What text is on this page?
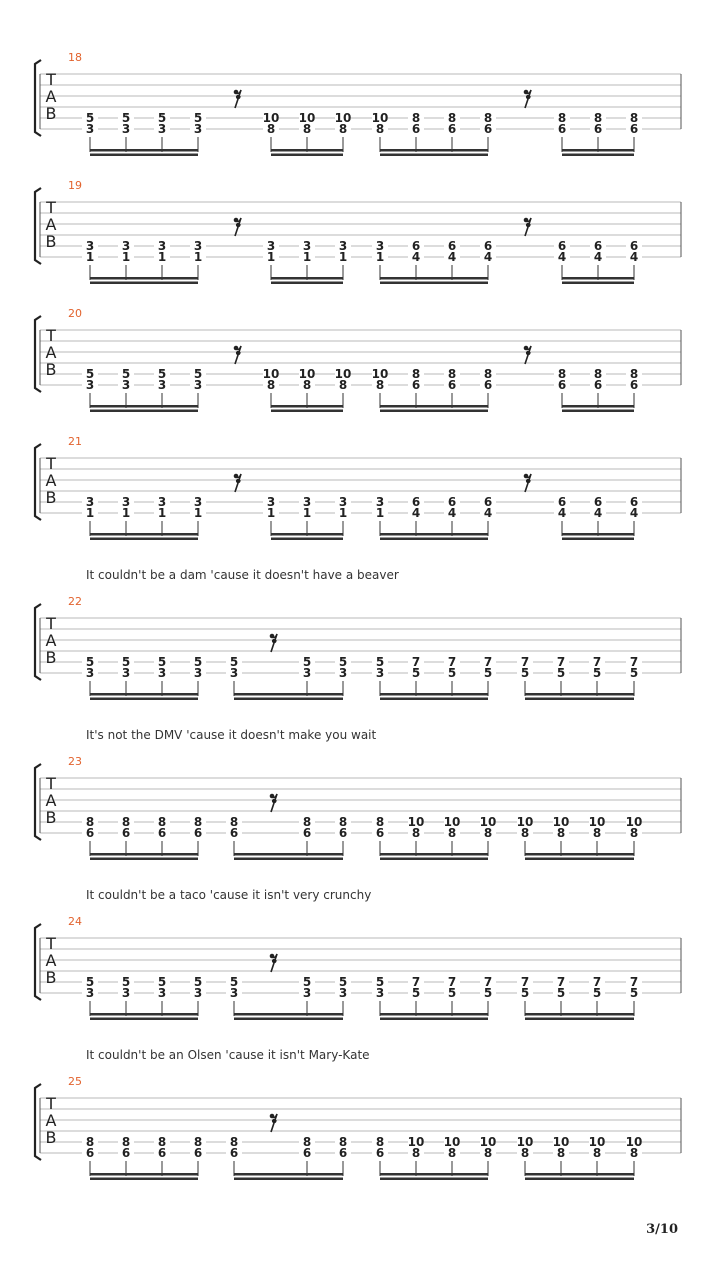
18
T
A
B 5
3
5
3
5
3
5
3
10
8
10
8
10
8
10
8
8
6
8
6
8
6
8
6
8
6
8
6
19
T
A
B 3
1
3
1
3
1
3
1
3
1
3
1
3
1
3
1
6
4
6
4
6
4
6
4
6
4
6
4
20
T
A
B 5
3
5
3
5
3
5
3
10
8
10
8
10
8
10
8
8
6
8
6
8
6
8
6
8
6
8
6
21
T
A
B 3
1
3
1
3
1
3
1
3
1
3
1
3
1
3
1
6
4
6
4
6
4
6
4
6
4
6
4
It couldn't be a dam 'cause it doesn't have a beaver
22
T
A
B 5
3
5
3
5
3
5
3
5
3
5
3
5
3
5
3
7
5
7
5
7
5
7
5
7
5
7
5
7
5
It's not the DMV 'cause it doesn't make you wait
23
T
A
B 8
6
8
6
8
6
8
6
8
6
8
6
8
6
8
6
10
8
10
8
10
8
10
8
10
8
10
8
10
8
It couldn't be a taco 'cause it isn't very crunchy
24
T
A
B 5
3
5
3
5
3
5
3
5
3
5
3
5
3
5
3
7
5
7
5
7
5
7
5
7
5
7
5
7
5
It couldn't be an Olsen 'cause it isn't Mary-Kate
25
T
A
B 8
6
8
6
8
6
8
6
8
6
8
6
8
6
8
6
10
8
10
8
10
8
10
8
10
8
10
8
10
8
3/10
